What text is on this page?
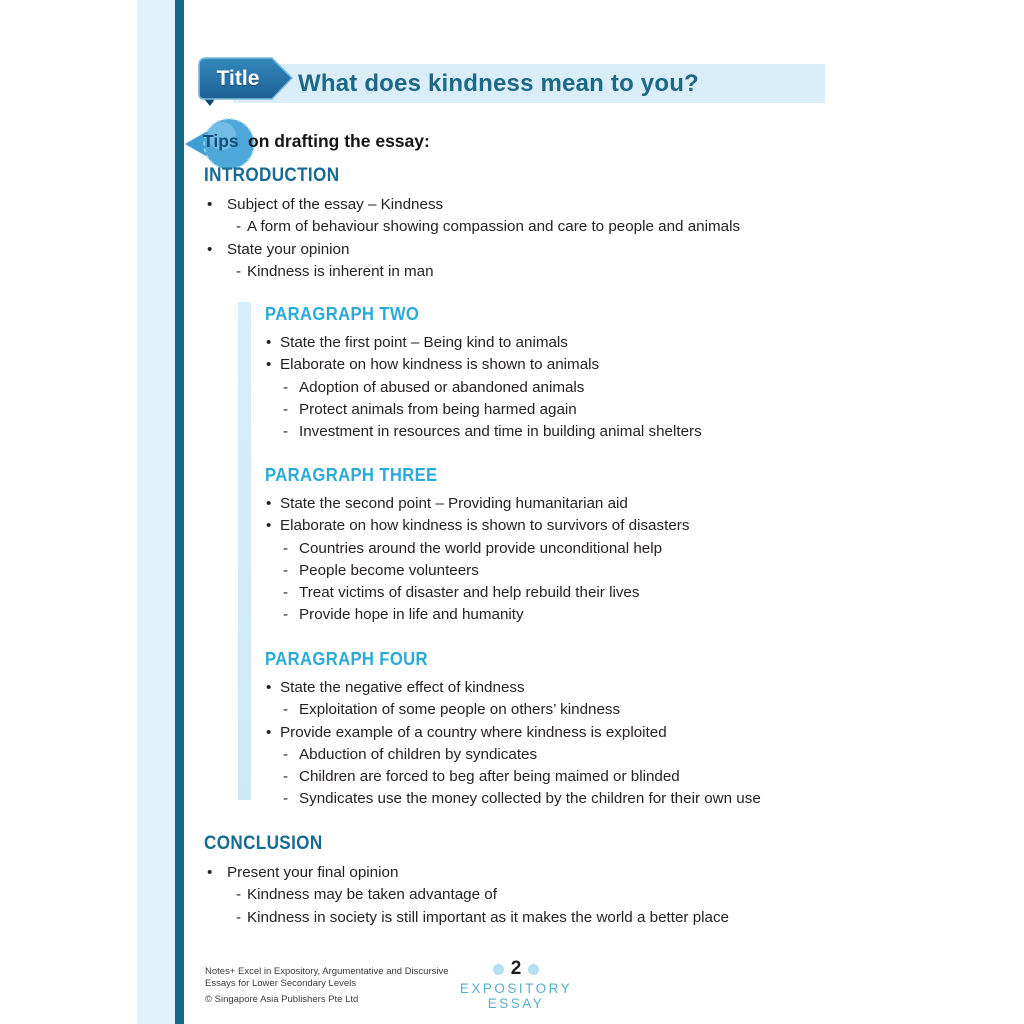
What does kindness mean to you?
Title
Tips on drafting the essay:
INTRODUCTION
• Subject of the essay – Kindness
- A form of behaviour showing compassion and care to people and animals
• State your opinion
- Kindness is inherent in man
PARAGRAPH TWO
• State the first point – Being kind to animals
• Elaborate on how kindness is shown to animals
- Adoption of abused or abandoned animals
- Protect animals from being harmed again
- Investment in resources and time in building animal shelters
PARAGRAPH THREE
• State the second point – Providing humanitarian aid
• Elaborate on how kindness is shown to survivors of disasters
- Countries around the world provide unconditional help
- People become volunteers
- Treat victims of disaster and help rebuild their lives
- Provide hope in life and humanity
PARAGRAPH FOUR
• State the negative effect of kindness
- Exploitation of some people on others’ kindness
• Provide example of a country where kindness is exploited
- Abduction of children by syndicates
- Children are forced to beg after being maimed or blinded
- Syndicates use the money collected by the children for their own use
CONCLUSION
• Present your final opinion
- Kindness may be taken advantage of
- Kindness in society is still important as it makes the world a better place
Notes+ Excel in Expository, Argumentative and Discursive
Essays for Lower Secondary Levels
© Singapore Asia Publishers Pte Ltd
2
EXPOSITORY ESSAY
